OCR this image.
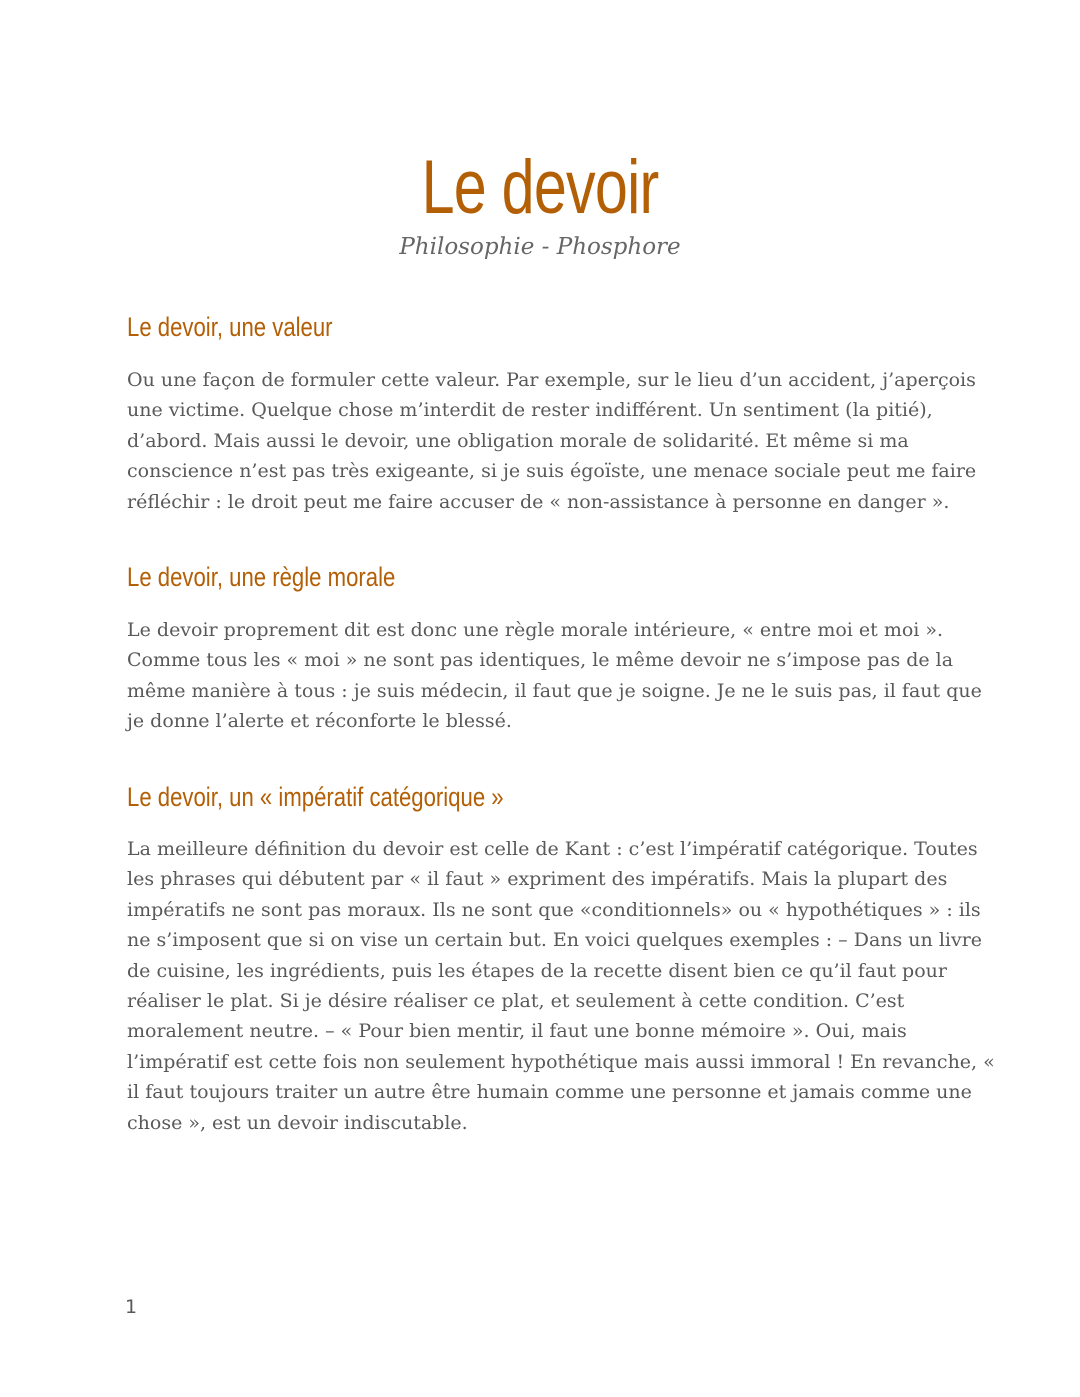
Le devoir
Philosophie - Phosphore
Le devoir, une valeur
Ou une façon de formuler cette valeur. Par exemple, sur le lieu d’un accident, j’aperçois
une victime. Quelque chose m’interdit de rester indifférent. Un sentiment (la pitié),
d’abord. Mais aussi le devoir, une obligation morale de solidarité. Et même si ma
conscience n’est pas très exigeante, si je suis égoïste, une menace sociale peut me faire
réfléchir : le droit peut me faire accuser de « non-assistance à personne en danger ».
Le devoir, une règle morale
Le devoir proprement dit est donc une règle morale intérieure, « entre moi et moi ».
Comme tous les « moi » ne sont pas identiques, le même devoir ne s’impose pas de la
même manière à tous : je suis médecin, il faut que je soigne. Je ne le suis pas, il faut que
je donne l’alerte et réconforte le blessé.
Le devoir, un « impératif catégorique »
La meilleure définition du devoir est celle de Kant : c’est l’impératif catégorique. Toutes
les phrases qui débutent par « il faut » expriment des impératifs. Mais la plupart des
impératifs ne sont pas moraux. Ils ne sont que «conditionnels» ou « hypothétiques » : ils
ne s’imposent que si on vise un certain but. En voici quelques exemples : – Dans un livre
de cuisine, les ingrédients, puis les étapes de la recette disent bien ce qu’il faut pour
réaliser le plat. Si je désire réaliser ce plat, et seulement à cette condition. C’est
moralement neutre. – « Pour bien mentir, il faut une bonne mémoire ». Oui, mais
l’impératif est cette fois non seulement hypothétique mais aussi immoral ! En revanche, «
il faut toujours traiter un autre être humain comme une personne et jamais comme une
chose », est un devoir indiscutable.
1
